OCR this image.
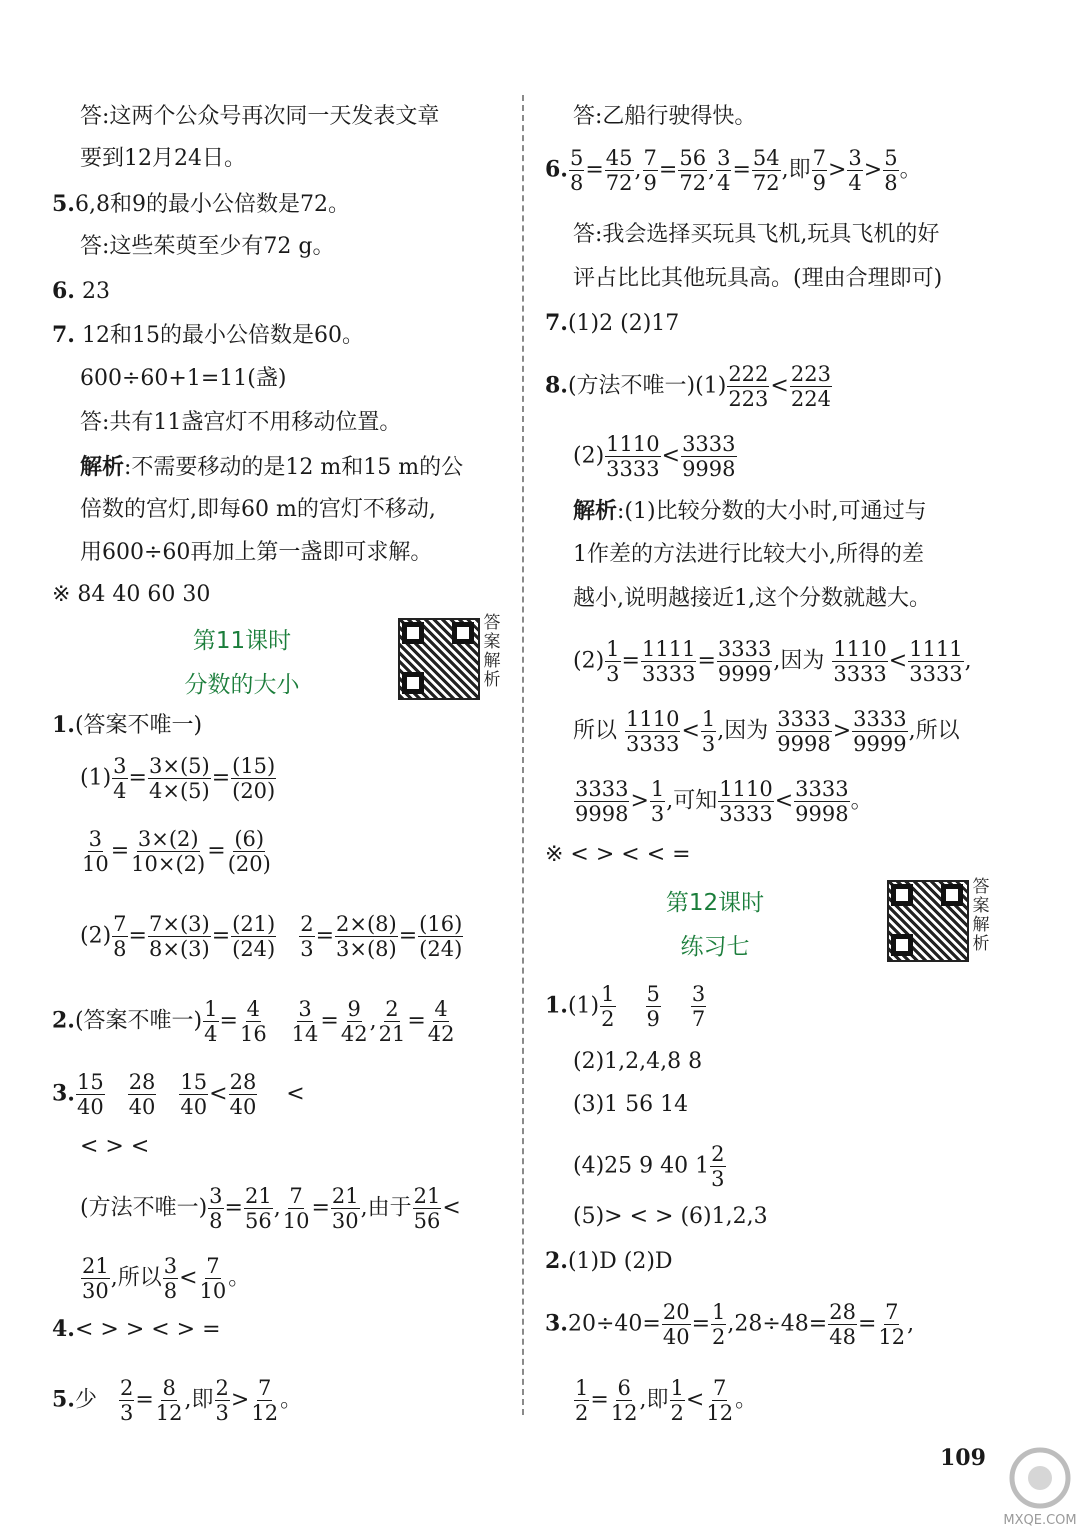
答:这两个公众号再次同一天发表文章
要到12月24日。
5.6,8和9的最小公倍数是72。
答:这些茱萸至少有72 g。
6. 23
7. 12和15的最小公倍数是60。
600÷60+1=11(盏)
答:共有11盏宫灯不用移动位置。
解析:不需要移动的是12 m和15 m的公
倍数的宫灯,即每60 m的宫灯不移动,
用600÷60再加上第一盏即可求解。
※ 84 40 60 30
第11课时
分数的大小
答
案
解
析
1.(答案不唯一)
$(1) \frac{3}{4} = \frac{3\times(5)}{4\times(5)} = \frac{(15)}{(20)}$
$\frac{3}{10} = \frac{3\times(2)}{10\times(2)} = \frac{(6)}{(20)}$
$(2) \frac{7}{8} = \frac{7\times(3)}{8\times(3)} = \frac{(21)}{(24)}$
$\frac{2}{3} = \frac{2\times(8)}{3\times(8)} = \frac{(16)}{(24)}$
2.(答案不唯一) $\frac{1}{4} = \frac{4}{16}$
$\frac{3}{14} = \frac{9}{42}$ , $\frac{2}{21} = \frac{4}{42}$
3. $\frac{15}{40}$
$\frac{28}{40}$
$\frac{15}{40} < \frac{28}{40}$ <
< > <
(方法不唯一) $\frac{3}{8} = \frac{21}{56}$ , $\frac{7}{10} = \frac{21}{30}$ ,由于 $\frac{21}{56}$ <
$\frac{21}{30}$ ,所以 $\frac{3}{8} < \frac{7}{10}$ 。
4.< > > < > =
5.少 $\frac{2}{3} = \frac{8}{12}$ ,即 $\frac{2}{3} > \frac{7}{12}$ 。
答:乙船行驶得快。
6. $\frac{5}{8} = \frac{45}{72}$ , $\frac{7}{9} = \frac{56}{72}$ , $\frac{3}{4} = \frac{54}{72}$ ,即 $\frac{7}{9} > \frac{3}{4} > \frac{5}{8}$ 。
答:我会选择买玩具飞机,玩具飞机的好
评占比比其他玩具高。(理由合理即可)
7.(1)2 (2)17
8.(方法不唯一)$(1) \frac{222}{223} < \frac{223}{224}$
$(2) \frac{1110}{3333} < \frac{3333}{9998}$
解析:(1)比较分数的大小时,可通过与
1作差的方法进行比较大小,所得的差
越小,说明越接近1,这个分数就越大。
$(2) \frac{1}{3} = \frac{1111}{3333} = \frac{3333}{9999}$ ,因为 $\frac{1110}{3333} < \frac{1111}{3333}$ ,
所以 $\frac{1110}{3333} < \frac{1}{3}$ ,因为 $\frac{3333}{9998} > \frac{3333}{9999}$ ,所以
$\frac{3333}{9998} > \frac{1}{3}$ ,可知 $\frac{1110}{3333} < \frac{3333}{9998}$ 。
※ < > < < =
第12课时
练习七
答
案
解
析
$1.(1) \frac{1}{2}$
$\frac{5}{9}$
$\frac{3}{7}$
(2)1,2,4,8 8
(3)1 56 14
(4)25 9 40 $1 \frac{2}{3}$
(5)> < > (6)1,2,3
2.(1)D (2)D
$3.20\div 40= \frac{20}{40} = \frac{1}{2} ,28\div 48= \frac{28}{48} = \frac{7}{12}$ ,
$\frac{1}{2} = \frac{6}{12}$ ,即 $\frac{1}{2} < \frac{7}{12}$ 。
109
MXQE.COM
